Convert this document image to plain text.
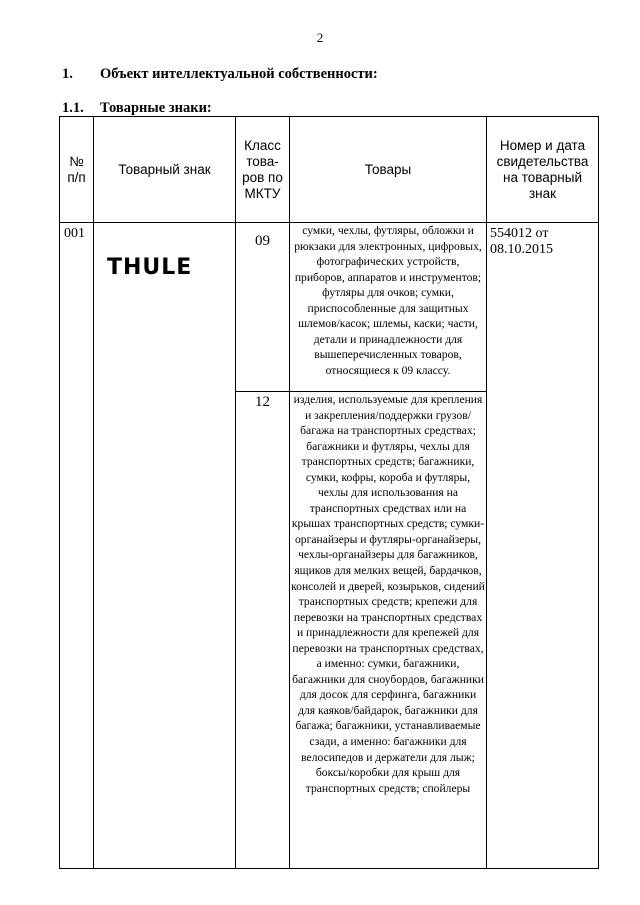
2
1. Объект интеллектуальной собственности:
1.1. Товарные знаки:
№ п/п	Товарный знак	Класс това-ров по МКТУ	Товары	Номер и дата свидетельства на товарный знак
001	THULE	09	сумки, чехлы, футляры, обложки и рюкзаки для электронных, цифровых, фотографических устройств, приборов, аппаратов и инструментов; футляры для очков; сумки, приспособленные для защитных шлемов/касок; шлемы, каски; части, детали и принадлежности для вышеперечисленных товаров, относящиеся к 09 классу.	554012 от 08.10.2015
		12	изделия, используемые для крепления и закрепления/поддержки грузов/багажа на транспортных средствах; багажники и футляры, чехлы для транспортных средств; багажники, сумки, кофры, короба и футляры, чехлы для использования на транспортных средствах или на крышах транспортных средств; сумки-органайзеры и футляры-органайзеры, чехлы-органайзеры для багажников, ящиков для мелких вещей, бардачков, консолей и дверей, козырьков, сидений транспортных средств; крепежи для перевозки на транспортных средствах и принадлежности для крепежей для перевозки на транспортных средствах, а именно: сумки, багажники, багажники для сноубордов, багажники для досок для серфинга, багажники для каяков/байдарок, багажники для багажа; багажники, устанавливаемые сзади, а именно: багажники для велосипедов и держатели для лыж; боксы/коробки для крыш для транспортных средств; спойлеры	
